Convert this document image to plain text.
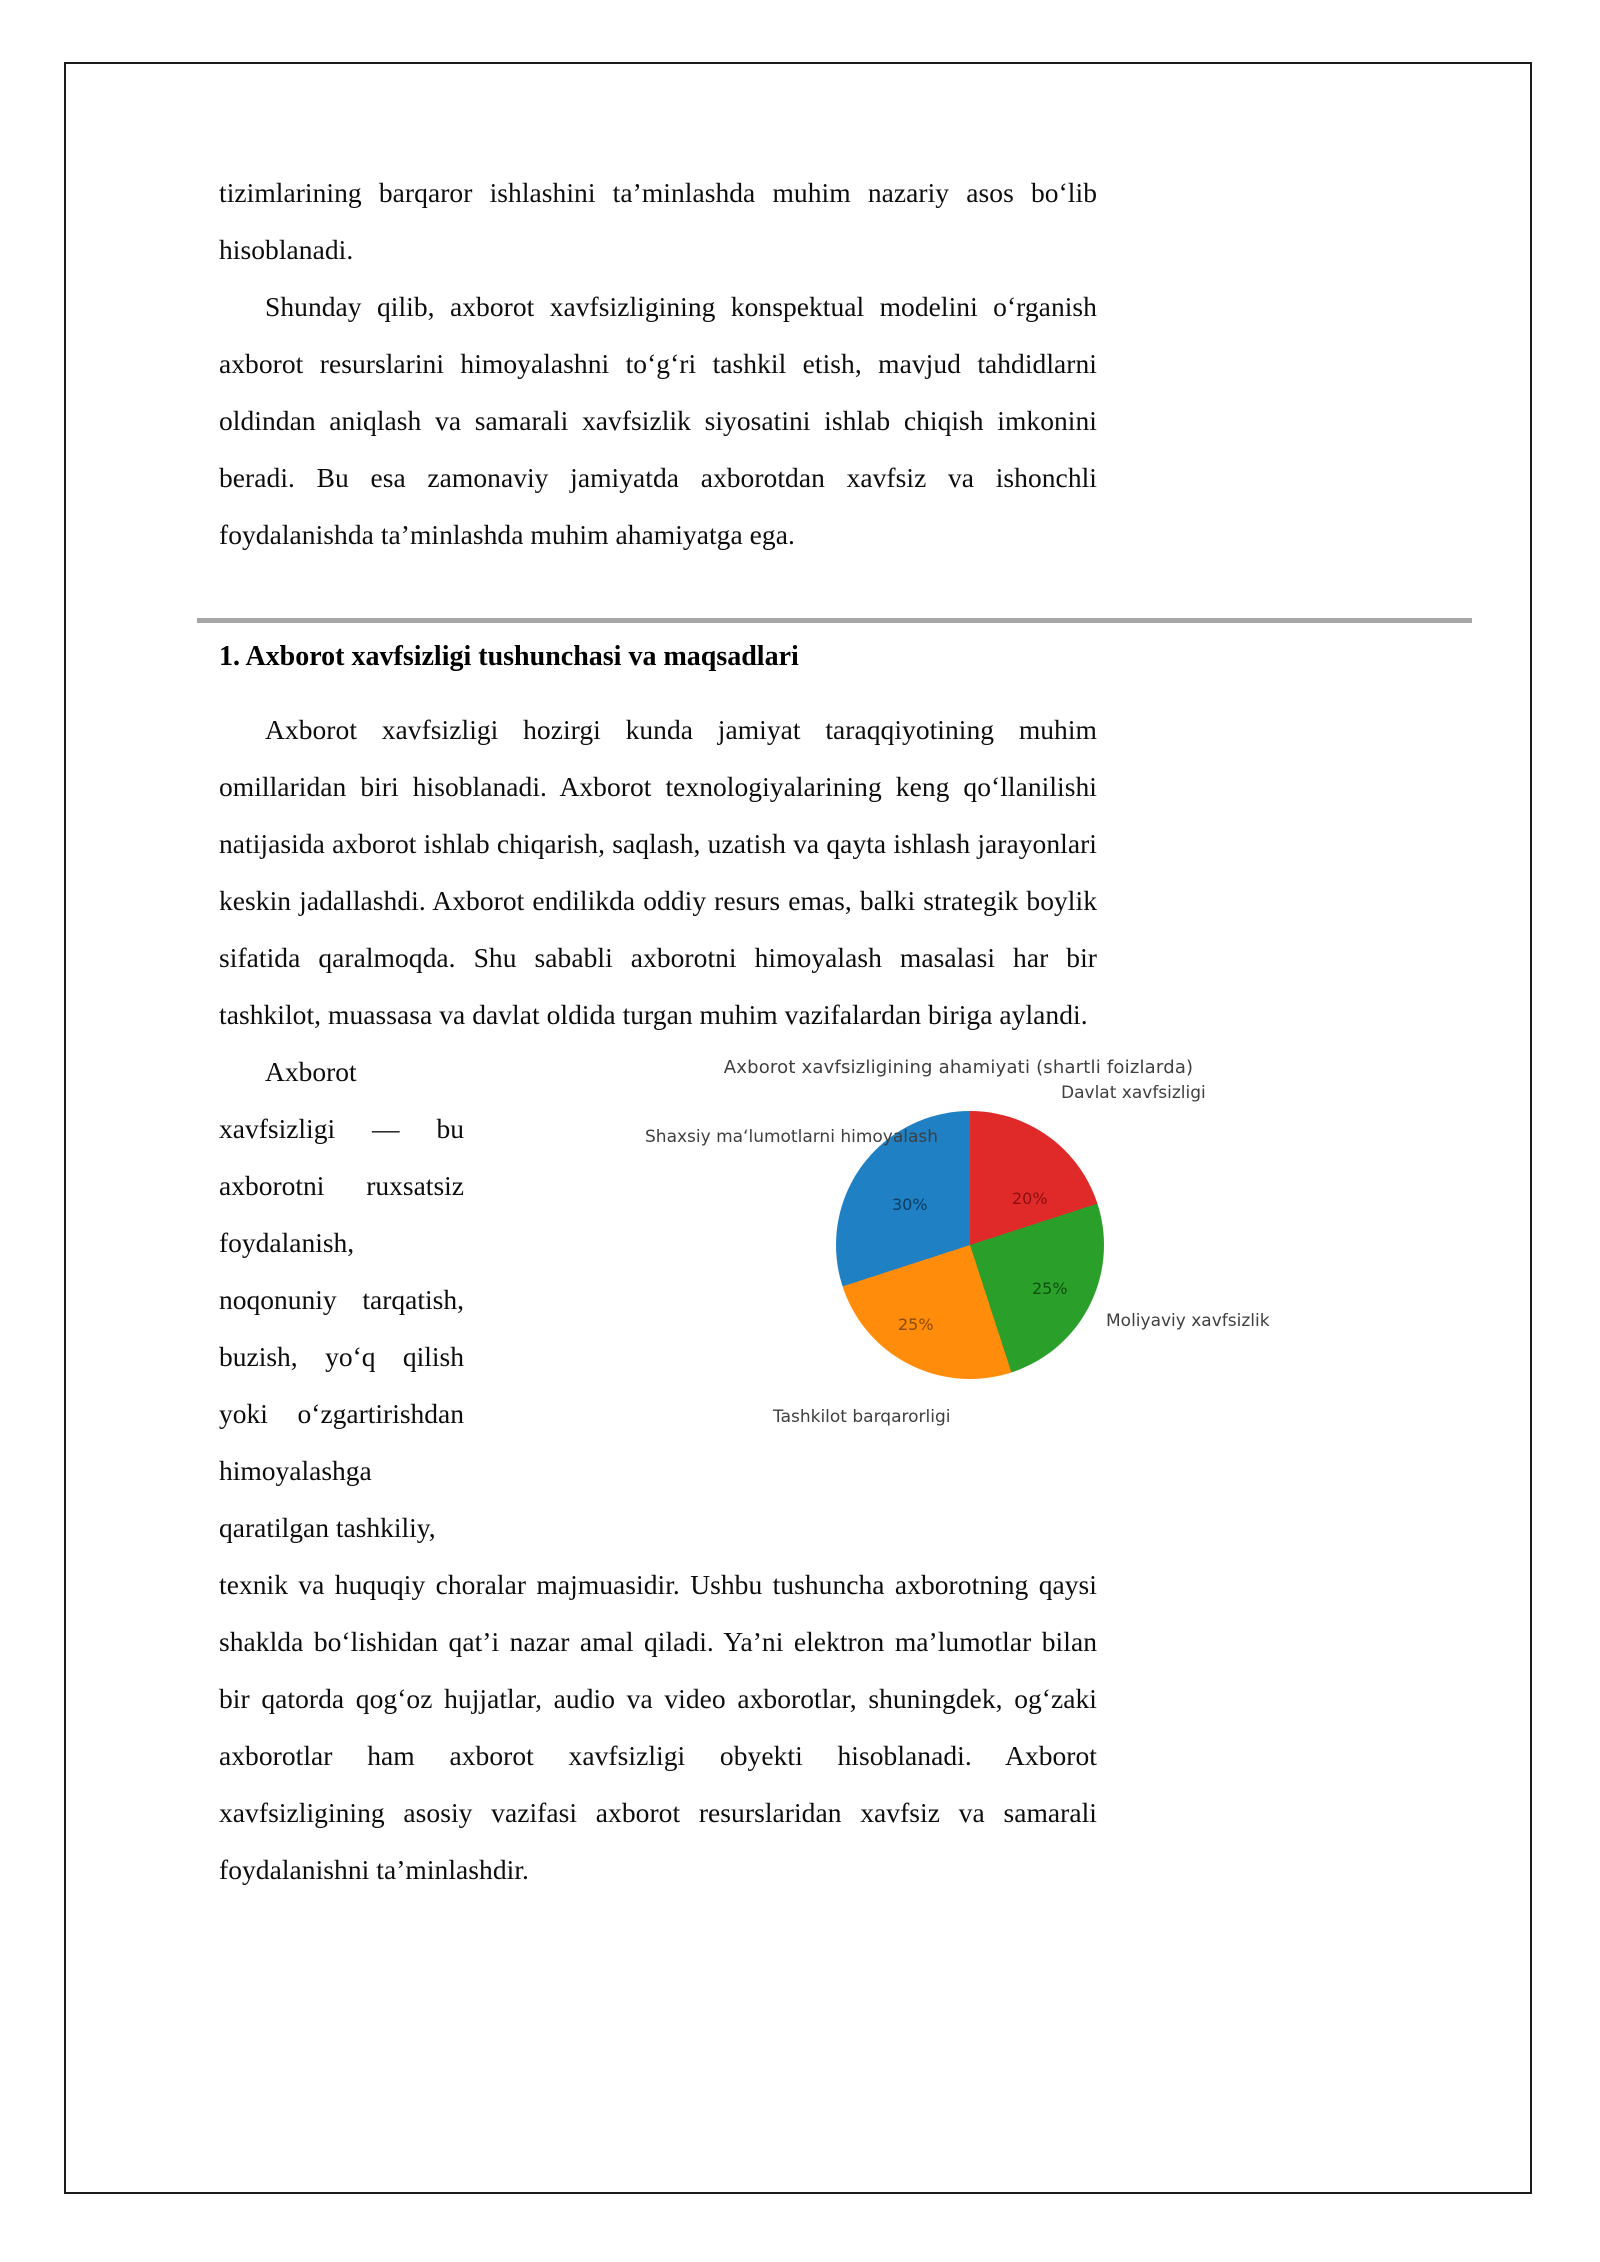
tizimlarining barqaror ishlashini ta’minlashda muhim nazariy asos bo‘lib hisoblanadi.

Shunday qilib, axborot xavfsizligining konspektual modelini o‘rganish axborot resurslarini himoyalashni to‘g‘ri tashkil etish, mavjud tahdidlarni oldindan aniqlash va samarali xavfsizlik siyosatini ishlab chiqish imkonini beradi. Bu esa zamonaviy jamiyatda axborotdan xavfsiz va ishonchli foydalanishda ta’minlashda muhim ahamiyatga ega.

1. Axborot xavfsizligi tushunchasi va maqsadlari

Axborot xavfsizligi hozirgi kunda jamiyat taraqqiyotining muhim omillaridan biri hisoblanadi. Axborot texnologiyalarining keng qo‘llanilishi natijasida axborot ishlab chiqarish, saqlash, uzatish va qayta ishlash jarayonlari keskin jadallashdi. Axborot endilikda oddiy resurs emas, balki strategik boylik sifatida qaralmoqda. Shu sababli axborotni himoyalash masalasi har bir tashkilot, muassasa va davlat oldida turgan muhim vazifalardan biriga aylandi.

Axborot xavfsizligi — bu axborotni ruxsatsiz foydalanish, noqonuniy tarqatish, buzish, yo‘q qilish yoki o‘zgartirishdan himoyalashga qaratilgan tashkiliy,

Axborot xavfsizligining ahamiyati (shartli foizlarda)
20%
25%
25%
30%
Davlat xavfsizligi
Moliyaviy xavfsizlik
Tashkilot barqarorligi
Shaxsiy ma‘lumotlarni himoyalash

texnik va huquqiy choralar majmuasidir. Ushbu tushuncha axborotning qaysi shaklda bo‘lishidan qat’i nazar amal qiladi. Ya’ni elektron ma’lumotlar bilan bir qatorda qog‘oz hujjatlar, audio va video axborotlar, shuningdek, og‘zaki axborotlar ham axborot xavfsizligi obyekti hisoblanadi. Axborot xavfsizligining asosiy vazifasi axborot resurslaridan xavfsiz va samarali foydalanishni ta’minlashdir.
